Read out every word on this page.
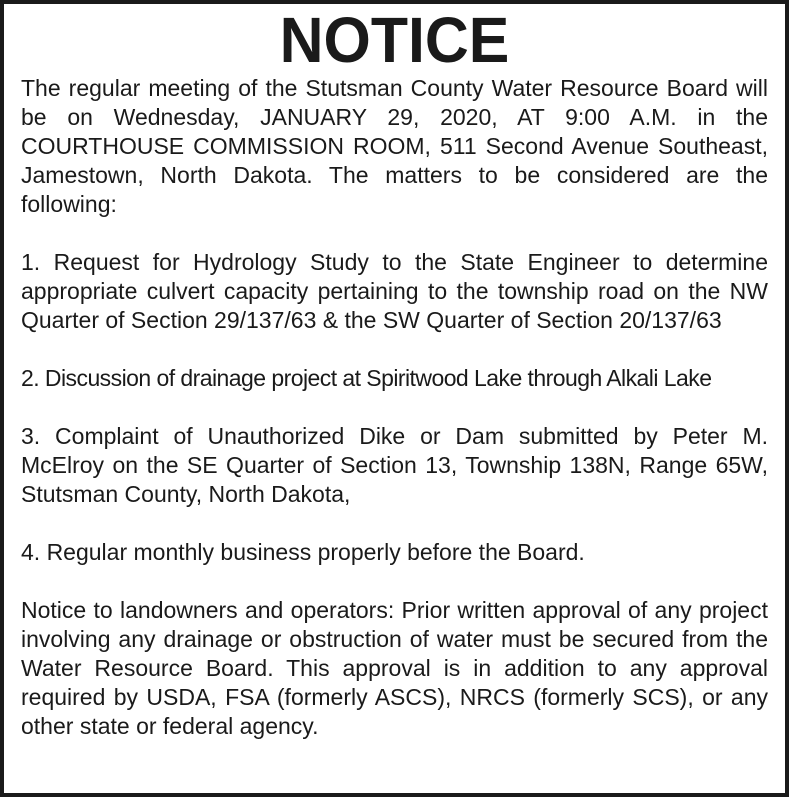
NOTICE

The regular meeting of the Stutsman County Water Resource Board will be on Wednesday, JANUARY 29, 2020, AT 9:00 A.M. in the COURTHOUSE COMMISSION ROOM, 511 Second Avenue Southeast, Jamestown, North Dakota. The matters to be considered are the following:

1. Request for Hydrology Study to the State Engineer to determine appropriate culvert capacity pertaining to the township road on the NW Quarter of Section 29/137/63 & the SW Quarter of Section 20/137/63

2. Discussion of drainage project at Spiritwood Lake through Alkali Lake

3. Complaint of Unauthorized Dike or Dam submitted by Peter M. McElroy on the SE Quarter of Section 13, Township 138N, Range 65W, Stutsman County, North Dakota,

4. Regular monthly business properly before the Board.

Notice to landowners and operators: Prior written approval of any project involving any drainage or obstruction of water must be secured from the Water Resource Board. This approval is in addition to any approval required by USDA, FSA (formerly ASCS), NRCS (formerly SCS), or any other state or federal agency.
